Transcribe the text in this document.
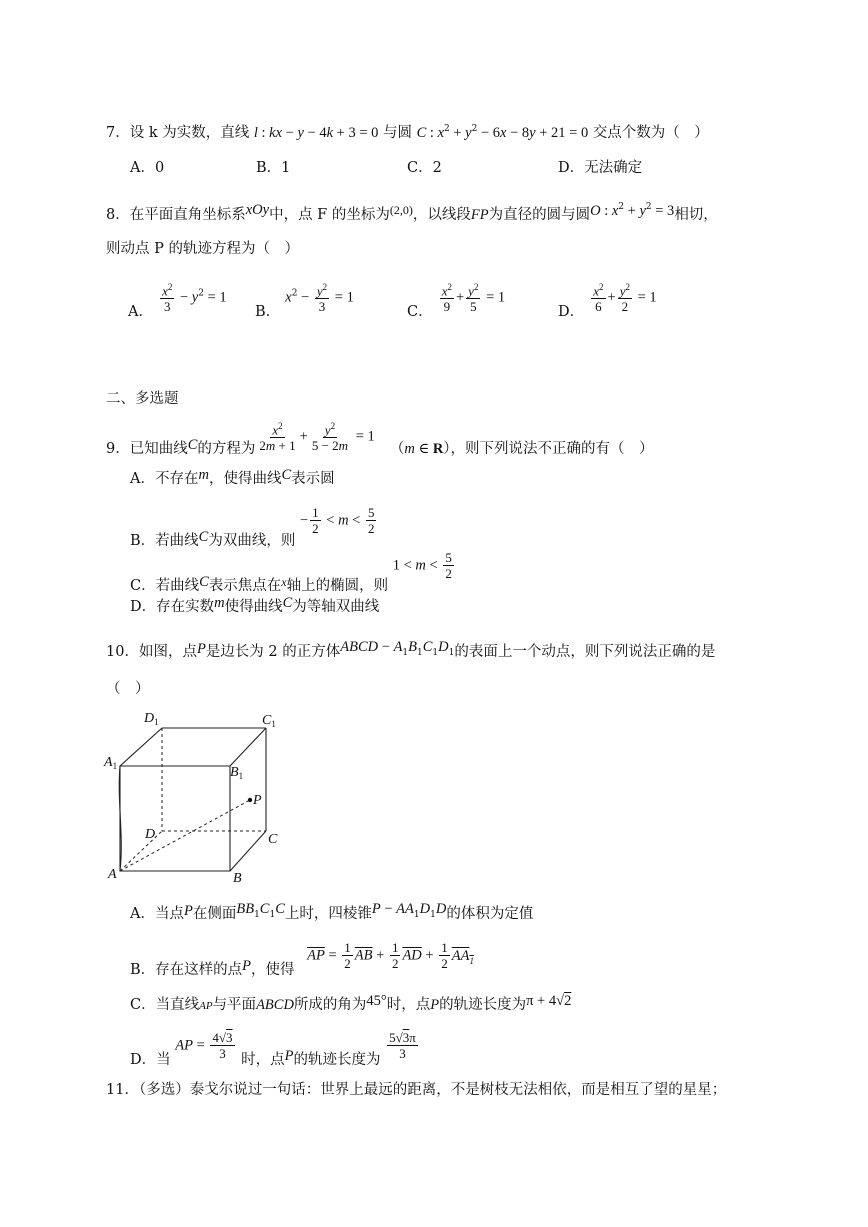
7．设 k 为实数，直线 l : kx − y − 4k + 3 = 0 与圆 C : $x^2 + y^2 - 6x - 8y + 21 = 0$ 交点个数为（　）
A．0	B．1	C．2	D．无法确定
8．在平面直角坐标系xOy中，点 F 的坐标为$^{(2,0)}$，以线段FP为直径的圆与圆O : $x^2 + y^2 = 3$相切，
则动点 P 的轨迹方程为（　）
A． $\frac{x^2}{3} - y^2 = 1$
B． $x^2 - \frac{y^2}{3} = 1$
C． $\frac{x^2}{9} + \frac{y^2}{5} = 1$
D． $\frac{x^2}{6} + \frac{y^2}{2} = 1$
二、多选题
9．已知曲线C的方程为 $\frac{x^2}{2m + 1} + \frac{y^2}{5 - 2m} = 1$ （m ∈ R），则下列说法不正确的有（　）
A．不存在m，使得曲线C表示圆
B．若曲线C为双曲线，则 − $\frac{1}{2} < m < \frac{5}{2}$
C．若曲线C表示焦点在$_x$轴上的椭圆，则 $1 < m < \frac{5}{2}$
D．存在实数m使得曲线C为等轴双曲线
10．如图，点P是边长为 2 的正方体ABCD − $A_1B_1C_1D_1$的表面上一个动点，则下列说法正确的是
（　）
$D_1$	$C_1$
$A_1$	$B_1$
P
D	C
A	B
A．当点P在侧面$BB_1C_1C$上时，四棱锥$P - AA_1D_1D$的体积为定值
B．存在这样的点P，使得 $\overline{AP} = \frac{1}{2} \overline{AB} + \frac{1}{2} \overline{AD} + \frac{1}{2} AA_1$
C．当直线AP与平面ABCD所成的角为45°时，点P的轨迹长度为π + 4√2
D．当 AP = $\frac{4√3}{3}$ 时，点P的轨迹长度为 $\frac{5√3\pi}{3}$
11．（多选）泰戈尔说过一句话：世界上最远的距离，不是树枝无法相依，而是相互了望的星星；
